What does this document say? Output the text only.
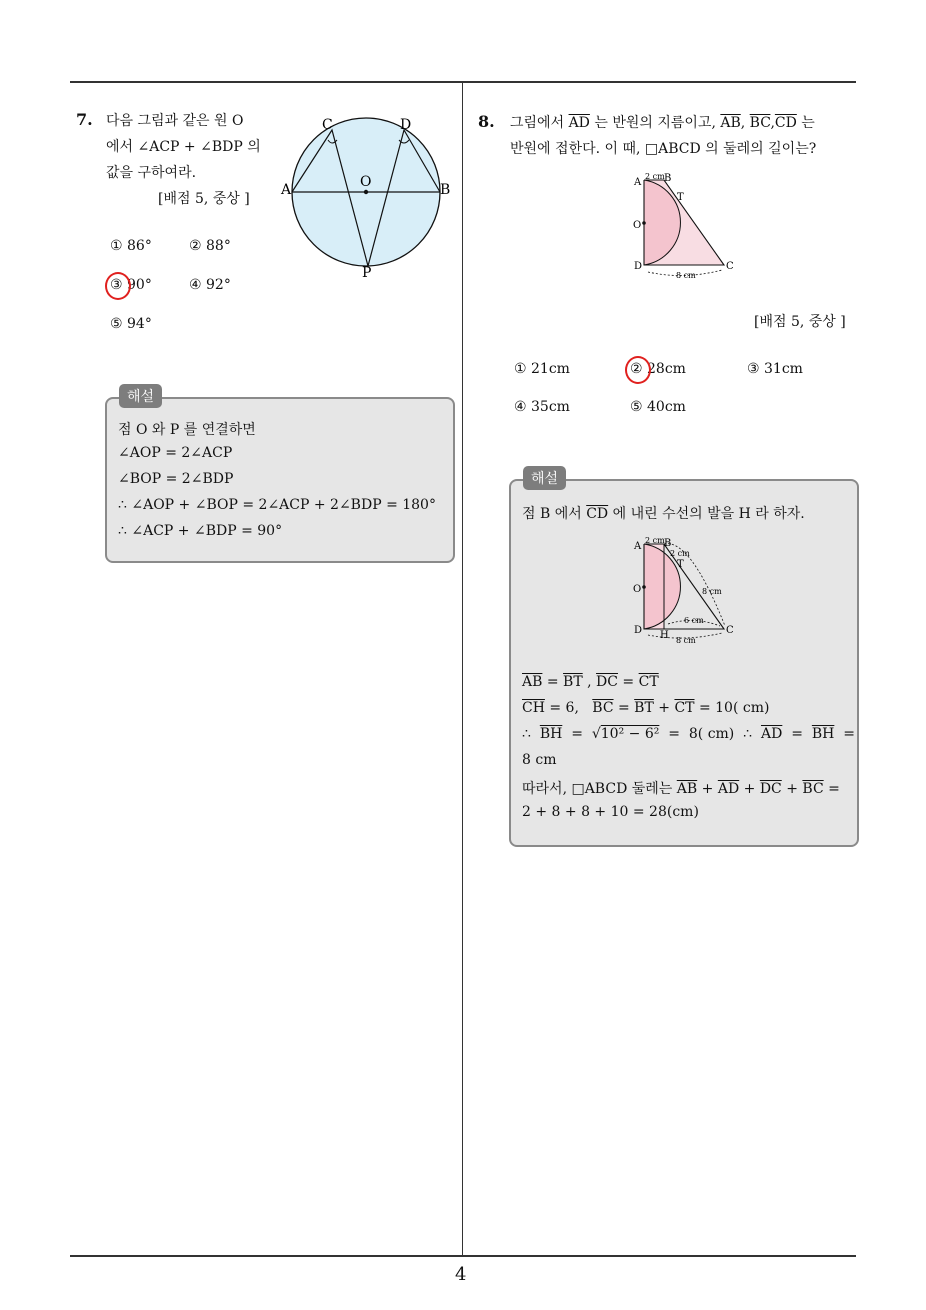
4
7. 다음 그림과 같은 원 O
에서 ∠ACP + ∠BDP 의
값을 구하여라.
[배점 5, 중상 ]
① 86°	② 88°
③ 90°	④ 92°
⑤ 94°
C	D
A	O	B
P
해설
점 O 와 P 를 연결하면
∠AOP = 2∠ACP
∠BOP = 2∠BDP
∴ ∠AOP + ∠BOP = 2∠ACP + 2∠BDP = 180°
∴ ∠ACP + ∠BDP = 90°
8. 그림에서 $\overline{AD}$ 는 반원의 지름이고, $\overline{AB}$, $\overline{BC},\overline{CD}$ 는
반원에 접한다. 이 때, □ABCD 의 둘레의 길이는?
A
2 cm B
T
O
D	C
8 cm
[배점 5, 중상 ]
① 21cm	② 28cm	③ 31cm
④ 35cm	⑤ 40cm
해설
점 B 에서 $\overline{CD}$ 에 내린 수선의 발을 H 라 하자.
A
2 cm B
2 cm
T
8 cm
O
6 cm
D H	C
8 cm
$\overline{AB} = \overline{BT}$ , $\overline{DC} = \overline{CT}$
$\overline{CH} = 6$,   $\overline{BC} = \overline{BT} + \overline{CT} = 10$( cm)
∴  $\overline{BH} = √10^2 - 6^2 = 8$( cm)  ∴  $\overline{AD} = \overline{BH}$  =
8 cm
따라서, □ABCD 둘레는 $\overline{AB} + \overline{AD} + \overline{DC} + \overline{BC}$ =
2 + 8 + 8 + 10 = 28(cm)
